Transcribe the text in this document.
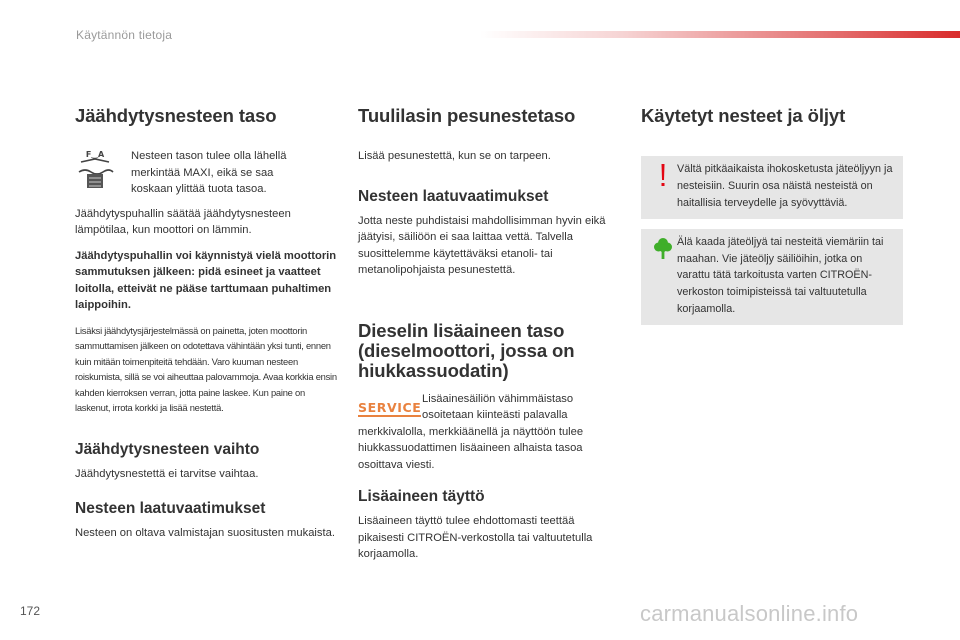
Käytännön tietoja
Jäähdytysnesteen taso
F‿A Nesteen tason tulee olla lähellä merkintää MAXI, eikä se saa koskaan ylittää tuota tasoa.

Jäähdytyspuhallin säätää jäähdytysnesteen lämpötilaa, kun moottori on lämmin.

Jäähdytyspuhallin voi käynnistyä vielä moottorin sammutuksen jälkeen: pidä esineet ja vaatteet loitolla, etteivät ne pääse tarttumaan puhaltimen laippoihin.

Lisäksi jäähdytysjärjestelmässä on painetta, joten moottorin sammuttamisen jälkeen on odotettava vähintään yksi tunti, ennen kuin mitään toimenpiteitä tehdään. Varo kuuman nesteen roiskumista, sillä se voi aiheuttaa palovammoja. Avaa korkkia ensin kahden kierroksen verran, jotta paine laskee. Kun paine on laskenut, irrota korkki ja lisää nestettä.

Jäähdytysnesteen vaihto

Jäähdytysnestettä ei tarvitse vaihtaa.

Nesteen laatuvaatimukset

Nesteen on oltava valmistajan suositusten mukaista.

Tuulilasin pesunestetaso

Lisää pesunestettä, kun se on tarpeen.

Nesteen laatuvaatimukset

Jotta neste puhdistaisi mahdollisimman hyvin eikä jäätyisi, säiliöön ei saa laittaa vettä. Talvella suosittelemme käytettäväksi etanoli- tai metanolipohjaista pesunestettä.

Dieselin lisäaineen taso (dieselmoottori, jossa on hiukkassuodatin)
SERVICE

Lisäainesäiliön vähimmäistaso osoitetaan kiinteästi palavalla

merkkivalolla, merkkiäänellä ja näyttöön tulee hiukkassuodattimen lisäaineen alhaista tasoa osoittava viesti.

Lisäaineen täyttö

Lisäaineen täyttö tulee ehdottomasti teettää pikaisesti CITROËN-verkostolla tai valtuutetulla korjaamolla.

Käytetyt nesteet ja öljyt

Vältä pitkäaikaista ihokosketusta jäteöljyyn ja nesteisiin. Suurin osa näistä nesteistä on haitallisia terveydelle ja syövyttäviä.

Älä kaada jäteöljyä tai nesteitä viemäriin tai maahan. Vie jäteöljy säiliöihin, jotka on varattu tätä tarkoitusta varten CITROËN-verkoston toimipisteissä tai valtuutetulla korjaamolla.

172	carmanualsonline.info
